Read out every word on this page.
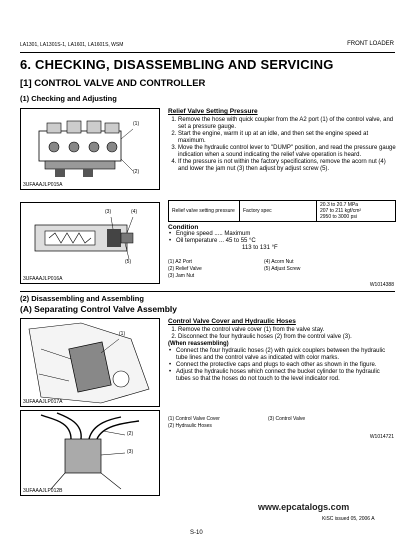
LA1301, LA1301S-1, LA1601, LA1601S, WSM	FRONT LOADER
6. CHECKING, DISASSEMBLING AND SERVICING
[1] CONTROL VALVE AND CONTROLLER
(1) Checking and Adjusting
(1)
(2)
3UFAAAJLP015A
(3)	(4)
(5)
3UFAAAJLP016A
Relief Valve Setting Pressure
1. Remove the hose with quick coupler from the A2 port (1) of the control valve, and set a pressure gauge.
2. Start the engine, warm it up at an idle, and then set the engine speed at maximum.
3. Move the hydraulic control lever to "DUMP" position, and read the pressure gauge indication when a sound indicating the relief valve operation is heard.
4. If the pressure is not within the factory specifications, remove the acorn nut (4) and lower the jam nut (3) then adjust by adjust screw (5).
Relief valve setting pressure	Factory spec	
20.3 to 20.7 MPa
207 to 211 kgf/cm²
2950 to 3000 psi
Condition
• Engine speed ..... Maximum
• Oil temperature ... 45 to 55 °C
113 to 131 °F
(1) A2 Port	(4) Acorn Nut
(2) Relief Valve	(5) Adjust Screw
(3) Jam Nut
W1014388
(2) Disassembling and Assembling
(A) Separating Control Valve Assembly
(1)
3UFAAAJLP017A
(2)
(3)
3UFAAAJLP012B
Control Valve Cover and Hydraulic Hoses
1. Remove the control valve cover (1) from the valve stay.
2. Disconnect the four hydraulic hoses (2) from the control valve (3).
(When reassembling)
• Connect the four hydraulic hoses (2) with quick couplers between the hydraulic tube lines and the control valve as indicated with color marks.
• Connect the protective caps and plugs to each other as shown in the figure.
• Adjust the hydraulic hoses which connect the bucket cylinder to the hydraulic tubes so that the hoses do not touch to the level indicator rod.
(1) Control Valve Cover	(3) Control Valve
(2) Hydraulic Hoses
W1014721
www.epcatalogs.com
KiSC issued 05, 2006 A
S-10
